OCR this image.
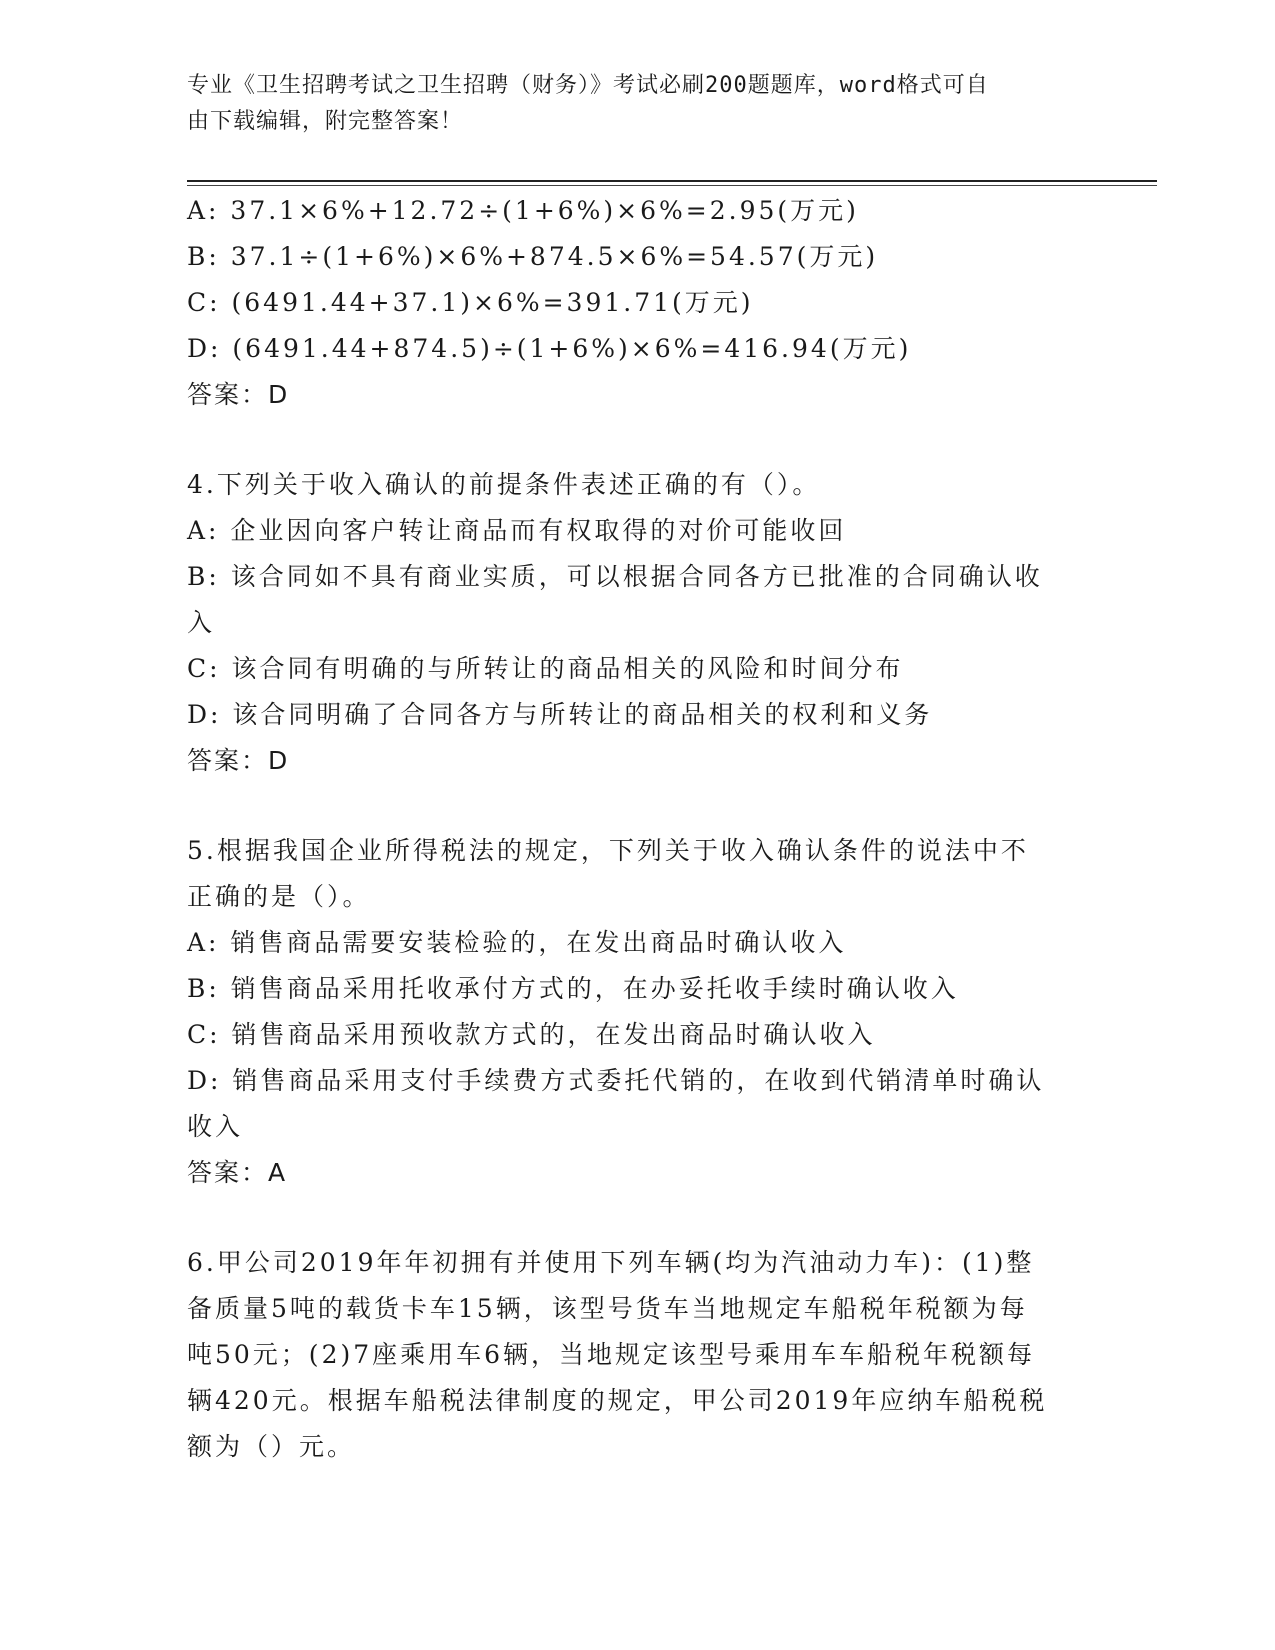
专业《卫生招聘考试之卫生招聘（财务）》考试必刷200题题库，word格式可自
由下载编辑，附完整答案！

A: 37.1×6%+12.72÷(1+6%)×6%=2.95(万元)

B: 37.1÷(1+6%)×6%+874.5×6%=54.57(万元)

C: (6491.44+37.1)×6%=391.71(万元)

D: (6491.44+874.5)÷(1+6%)×6%=416.94(万元)

答案：D

4.下列关于收入确认的前提条件表述正确的有（）。

A: 企业因向客户转让商品而有权取得的对价可能收回

B: 该合同如不具有商业实质，可以根据合同各方已批准的合同确认收

入

C: 该合同有明确的与所转让的商品相关的风险和时间分布

D: 该合同明确了合同各方与所转让的商品相关的权利和义务

答案：D

5.根据我国企业所得税法的规定，下列关于收入确认条件的说法中不

正确的是（）。

A: 销售商品需要安装检验的，在发出商品时确认收入

B: 销售商品采用托收承付方式的，在办妥托收手续时确认收入

C: 销售商品采用预收款方式的，在发出商品时确认收入

D: 销售商品采用支付手续费方式委托代销的，在收到代销清单时确认

收入

答案：A

6.甲公司2019年年初拥有并使用下列车辆(均为汽油动力车)：(1)整

备质量5吨的载货卡车15辆，该型号货车当地规定车船税年税额为每

吨50元；(2)7座乘用车6辆，当地规定该型号乘用车车船税年税额每

辆420元。根据车船税法律制度的规定，甲公司2019年应纳车船税税

额为（）元。
